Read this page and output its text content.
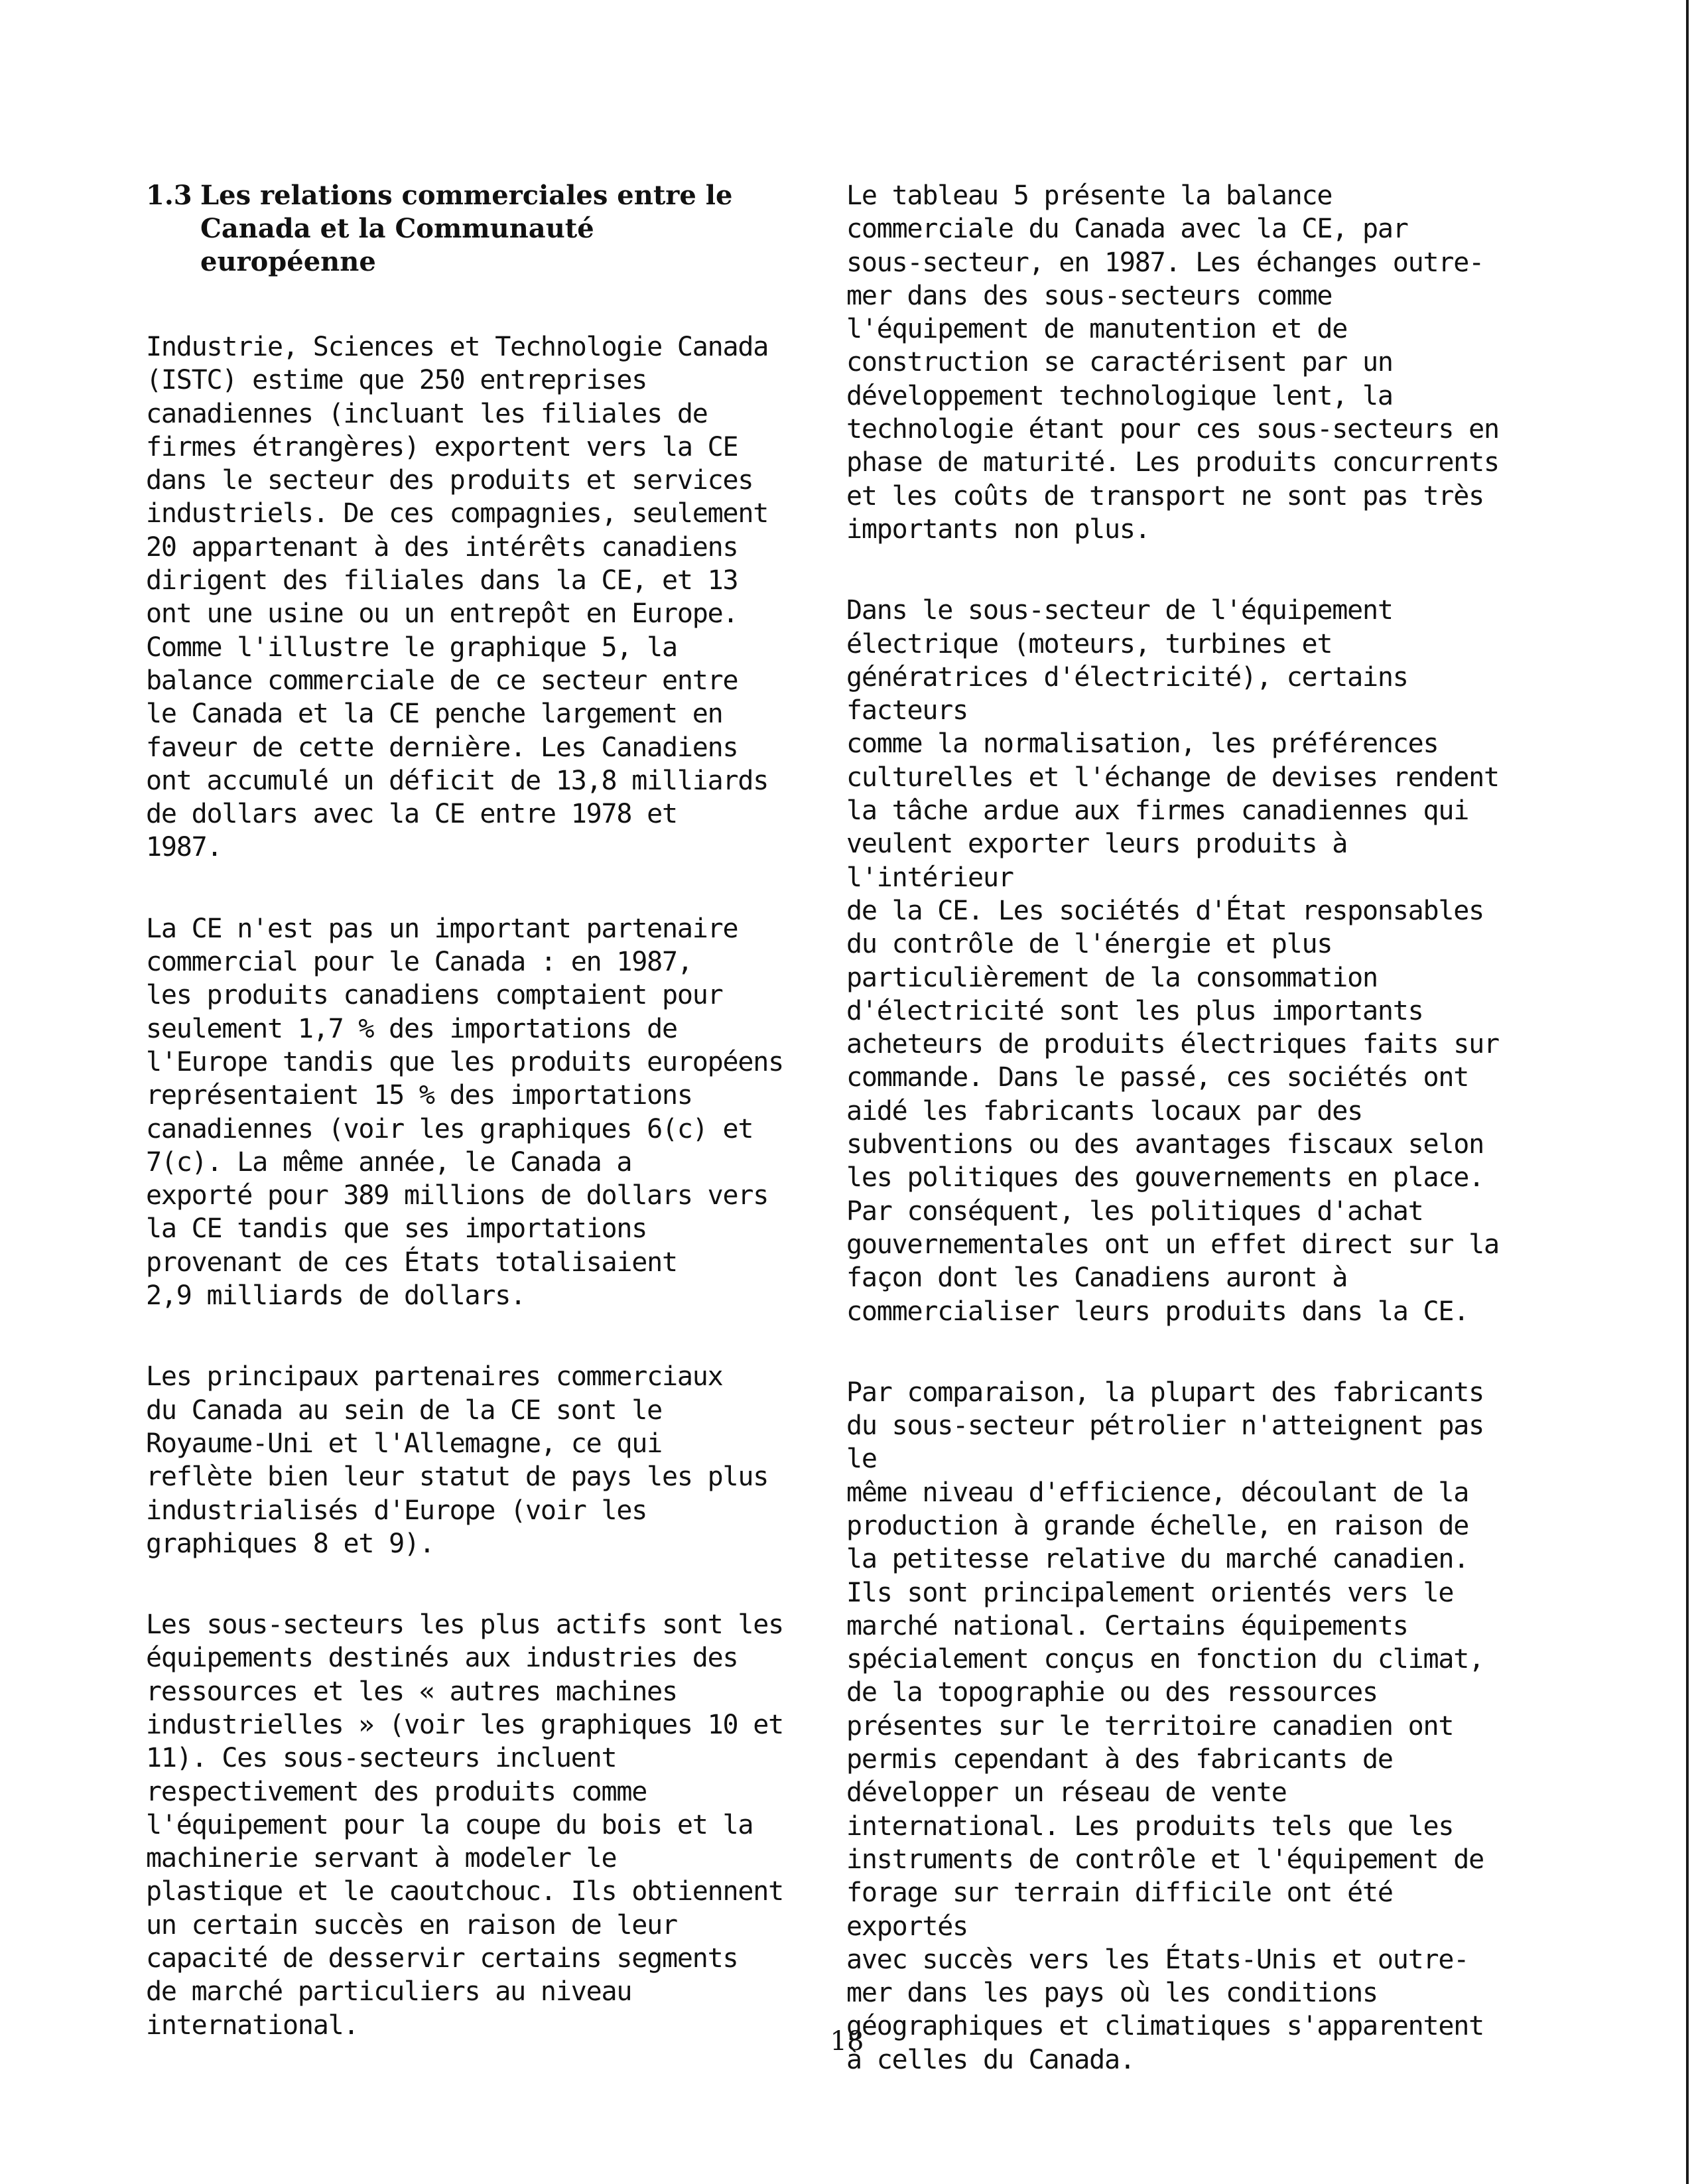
1.3 Les relations commerciales entre le
Canada et la Communauté
européenne

Industrie, Sciences et Technologie Canada
(ISTC) estime que 250 entreprises
canadiennes (incluant les filiales de
firmes étrangères) exportent vers la CE
dans le secteur des produits et services
industriels. De ces compagnies, seulement
20 appartenant à des intérêts canadiens
dirigent des filiales dans la CE, et 13
ont une usine ou un entrepôt en Europe.
Comme l'illustre le graphique 5, la
balance commerciale de ce secteur entre
le Canada et la CE penche largement en
faveur de cette dernière. Les Canadiens
ont accumulé un déficit de 13,8 milliards
de dollars avec la CE entre 1978 et
1987.

La CE n'est pas un important partenaire
commercial pour le Canada : en 1987,
les produits canadiens comptaient pour
seulement 1,7 % des importations de
l'Europe tandis que les produits européens
représentaient 15 % des importations
canadiennes (voir les graphiques 6(c) et
7(c). La même année, le Canada a
exporté pour 389 millions de dollars vers
la CE tandis que ses importations
provenant de ces États totalisaient
2,9 milliards de dollars.

Les principaux partenaires commerciaux
du Canada au sein de la CE sont le
Royaume-Uni et l'Allemagne, ce qui
reflète bien leur statut de pays les plus
industrialisés d'Europe (voir les
graphiques 8 et 9).

Les sous-secteurs les plus actifs sont les
équipements destinés aux industries des
ressources et les « autres machines
industrielles » (voir les graphiques 10 et
11). Ces sous-secteurs incluent
respectivement des produits comme
l'équipement pour la coupe du bois et la
machinerie servant à modeler le
plastique et le caoutchouc. Ils obtiennent
un certain succès en raison de leur
capacité de desservir certains segments
de marché particuliers au niveau
international.

Le tableau 5 présente la balance
commerciale du Canada avec la CE, par
sous-secteur, en 1987. Les échanges outre-
mer dans des sous-secteurs comme
l'équipement de manutention et de
construction se caractérisent par un
développement technologique lent, la
technologie étant pour ces sous-secteurs en
phase de maturité. Les produits concurrents
et les coûts de transport ne sont pas très
importants non plus.

Dans le sous-secteur de l'équipement
électrique (moteurs, turbines et
génératrices d'électricité), certains facteurs
comme la normalisation, les préférences
culturelles et l'échange de devises rendent
la tâche ardue aux firmes canadiennes qui
veulent exporter leurs produits à l'intérieur
de la CE. Les sociétés d'État responsables
du contrôle de l'énergie et plus
particulièrement de la consommation
d'électricité sont les plus importants
acheteurs de produits électriques faits sur
commande. Dans le passé, ces sociétés ont
aidé les fabricants locaux par des
subventions ou des avantages fiscaux selon
les politiques des gouvernements en place.
Par conséquent, les politiques d'achat
gouvernementales ont un effet direct sur la
façon dont les Canadiens auront à
commercialiser leurs produits dans la CE.

Par comparaison, la plupart des fabricants
du sous-secteur pétrolier n'atteignent pas le
même niveau d'efficience, découlant de la
production à grande échelle, en raison de
la petitesse relative du marché canadien.
Ils sont principalement orientés vers le
marché national. Certains équipements
spécialement conçus en fonction du climat,
de la topographie ou des ressources
présentes sur le territoire canadien ont
permis cependant à des fabricants de
développer un réseau de vente
international. Les produits tels que les
instruments de contrôle et l'équipement de
forage sur terrain difficile ont été exportés
avec succès vers les États-Unis et outre-
mer dans les pays où les conditions
géographiques et climatiques s'apparentent
à celles du Canada.

18
